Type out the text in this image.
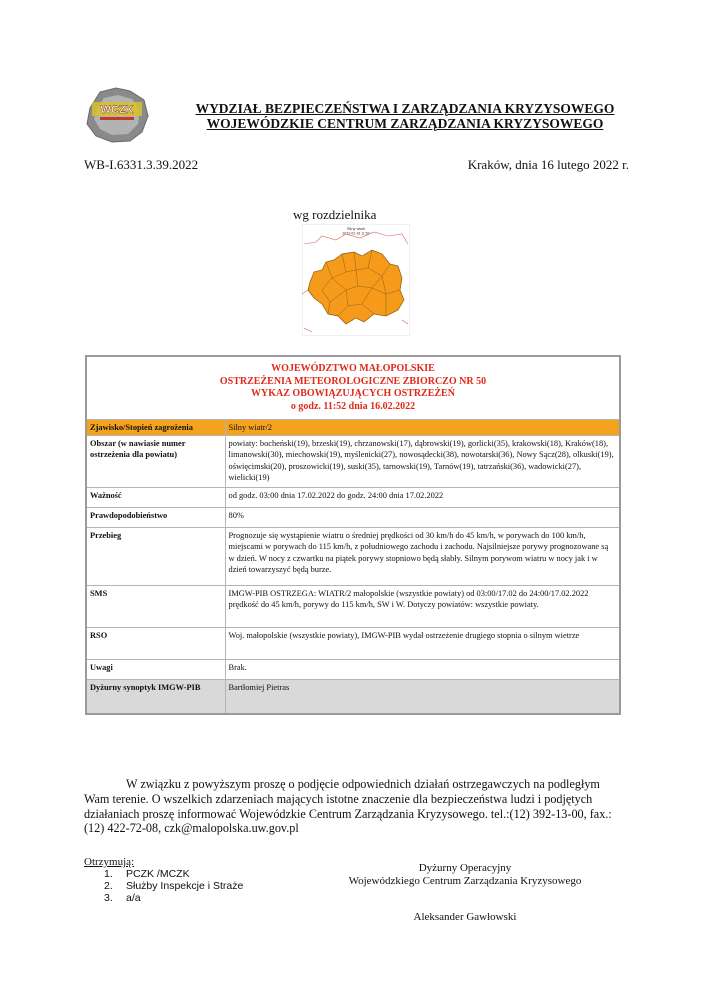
WCZK	WYDZIAŁ BEZPIECZEŃSTWA I ZARZĄDZANIA KRYZYSOWEGO
WOJEWÓDZKIE CENTRUM ZARZĄDZANIA KRYZYSOWEGO
WB-I.6331.3.39.2022	Kraków, dnia 16 lutego 2022 r.
wg rozdzielnika
Silny wiatr
2022-02-16 11:52
WOJEWÓDZTWO MAŁOPOLSKIE
OSTRZEŻENIA METEOROLOGICZNE ZBIORCZO NR 50
WYKAZ OBOWIĄZUJĄCYCH OSTRZEŻEŃ
o godz. 11:52 dnia 16.02.2022	

Zjawisko/Stopień zagrożenia	Silny wiatr/2
Obszar (w nawiasie numer ostrzeżenia dla powiatu)	powiaty: bocheński(19), brzeski(19), chrzanowski(17), dąbrowski(19), gorlicki(35), krakowski(18), Kraków(18), limanowski(30), miechowski(19), myślenicki(27), nowosądecki(38), nowotarski(36), Nowy Sącz(28), olkuski(19), oświęcimski(20), proszowicki(19), suski(35), tarnowski(19), Tarnów(19), tatrzański(36), wadowicki(27), wielicki(19)
Ważność	od godz. 03:00 dnia 17.02.2022 do godz. 24:00 dnia 17.02.2022
Prawdopodobieństwo	80%
Przebieg	Prognozuje się wystąpienie wiatru o średniej prędkości od 30 km/h do 45 km/h, w porywach do 100 km/h, miejscami w porywach do 115 km/h, z południowego zachodu i zachodu. Najsilniejsze porywy prognozowane są w dzień. W nocy z czwartku na piątek porywy stopniowo będą słabły. Silnym porywom wiatru w nocy jak i w dzień towarzyszyć będą burze.
SMS	IMGW-PIB OSTRZEGA: WIATR/2 małopolskie (wszystkie powiaty) od 03:00/17.02 do 24:00/17.02.2022 prędkość do 45 km/h, porywy do 115 km/h, SW i W. Dotyczy powiatów: wszystkie powiaty.
RSO	Woj. małopolskie (wszystkie powiaty), IMGW-PIB wydał ostrzeżenie drugiego stopnia o silnym wietrze
Uwagi	Brak.
Dyżurny synoptyk IMGW-PIB	Bartłomiej Pietras
W związku z powyższym proszę o podjęcie odpowiednich działań ostrzegawczych na podległym Wam terenie. O wszelkich zdarzeniach mających istotne znaczenie dla bezpieczeństwa ludzi i podjętych działaniach proszę informować Wojewódzkie Centrum Zarządzania Kryzysowego. tel.:(12) 392-13-00, fax.:(12) 422-72-08, czk@malopolska.uw.gov.pl
Otrzymują:
1.	PCZK /MCZK
2.	Służby Inspekcje i Straże
3.	a/a
Dyżurny Operacyjny
Wojewódzkiego Centrum Zarządzania Kryzysowego
Aleksander Gawłowski
